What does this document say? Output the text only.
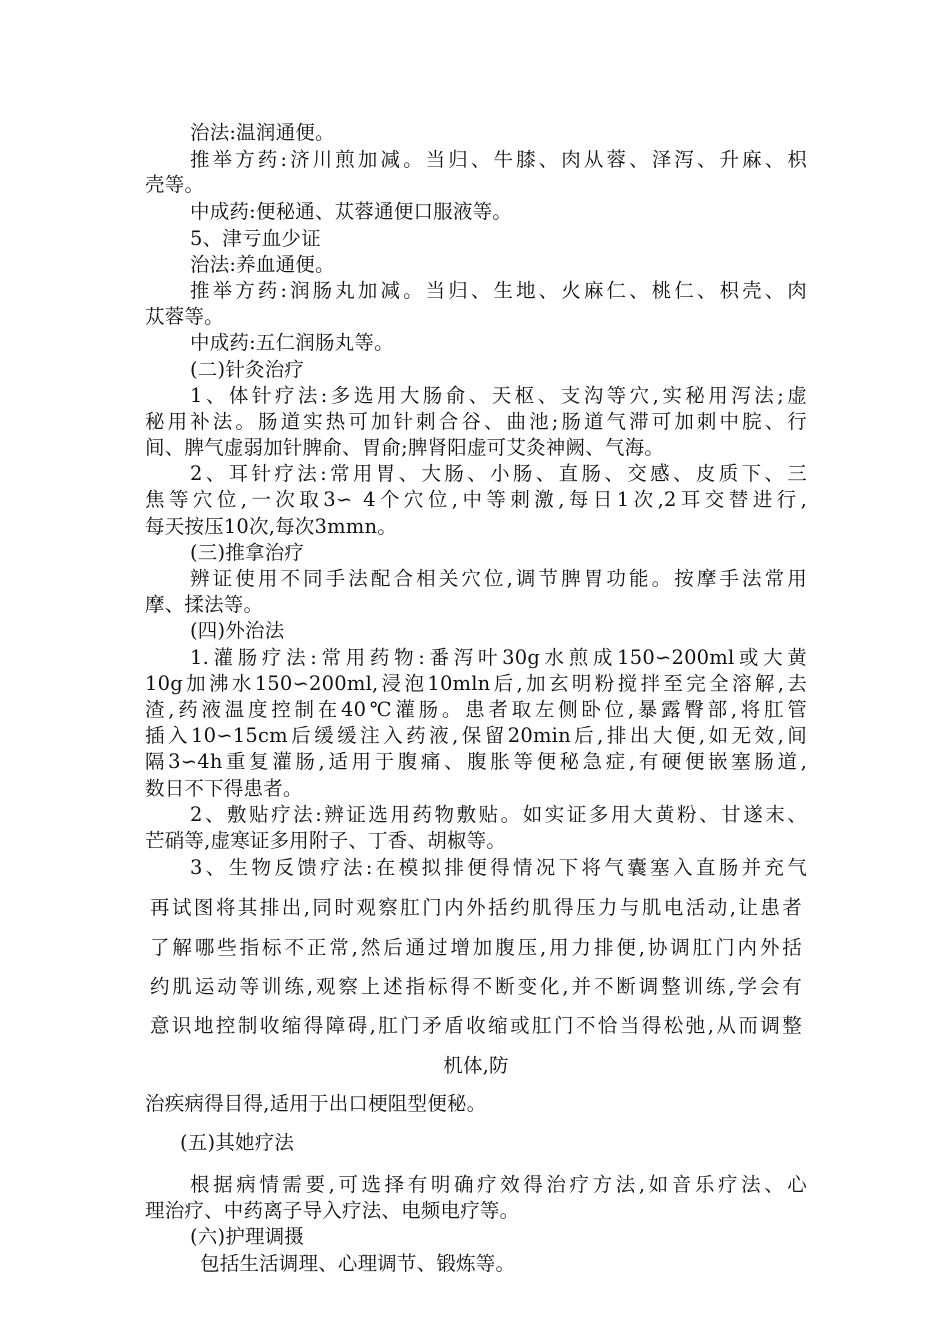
治法:温润通便。
推举方药:济川煎加减。当归、牛膝、肉从蓉、泽泻、升麻、枳
壳等。
中成药:便秘通、苁蓉通便口服液等。
5、津亏血少证
治法:养血通便。
推举方药:润肠丸加减。当归、生地、火麻仁、桃仁、枳壳、肉
苁蓉等。
中成药:五仁润肠丸等。
(二)针灸治疗
1、体针疗法:多选用大肠俞、天枢、支沟等穴,实秘用泻法;虚
秘用补法。肠道实热可加针刺合谷、曲池;肠道气滞可加刺中脘、行
间、脾气虚弱加针脾俞、胃俞;脾肾阳虚可艾灸神阙、气海。
2、耳针疗法:常用胃、大肠、小肠、直肠、交感、皮质下、三
焦等穴位,一次取3∽ 4个穴位,中等刺激,每日1次,2耳交替进行,
每天按压10次,每次3mmn。
(三)推拿治疗
辨证使用不同手法配合相关穴位,调节脾胃功能。按摩手法常用
摩、揉法等。
(四)外治法
1.灌肠疗法:常用药物:番泻叶30g水煎成150∽200ml或大黄
10g加沸水150∽200ml,浸泡10mln后,加玄明粉搅拌至完全溶解,去
渣,药液温度控制在40℃灌肠。患者取左侧卧位,暴露臀部,将肛管
插入10∽15cm后缓缓注入药液,保留20min后,排出大便,如无效,间
隔3∽4h重复灌肠,适用于腹痛、腹胀等便秘急症,有硬便嵌塞肠道,
数日不下得患者。
2、敷贴疗法:辨证选用药物敷贴。如实证多用大黄粉、甘遂末、
芒硝等,虚寒证多用附子、丁香、胡椒等。
3、生物反馈疗法:在模拟排便得情况下将气囊塞入直肠并充气
再试图将其排出,同时观察肛门内外括约肌得压力与肌电活动,让患者
了解哪些指标不正常,然后通过增加腹压,用力排便,协调肛门内外括
约肌运动等训练,观察上述指标得不断变化,并不断调整训练,学会有
意识地控制收缩得障碍,肛门矛盾收缩或肛门不恰当得松弛,从而调整
机体,防
治疾病得目得,适用于出口梗阻型便秘。
(五)其她疗法
根据病情需要,可选择有明确疗效得治疗方法,如音乐疗法、心
理治疗、中药离子导入疗法、电频电疗等。
(六)护理调摄
包括生活调理、心理调节、锻炼等。
